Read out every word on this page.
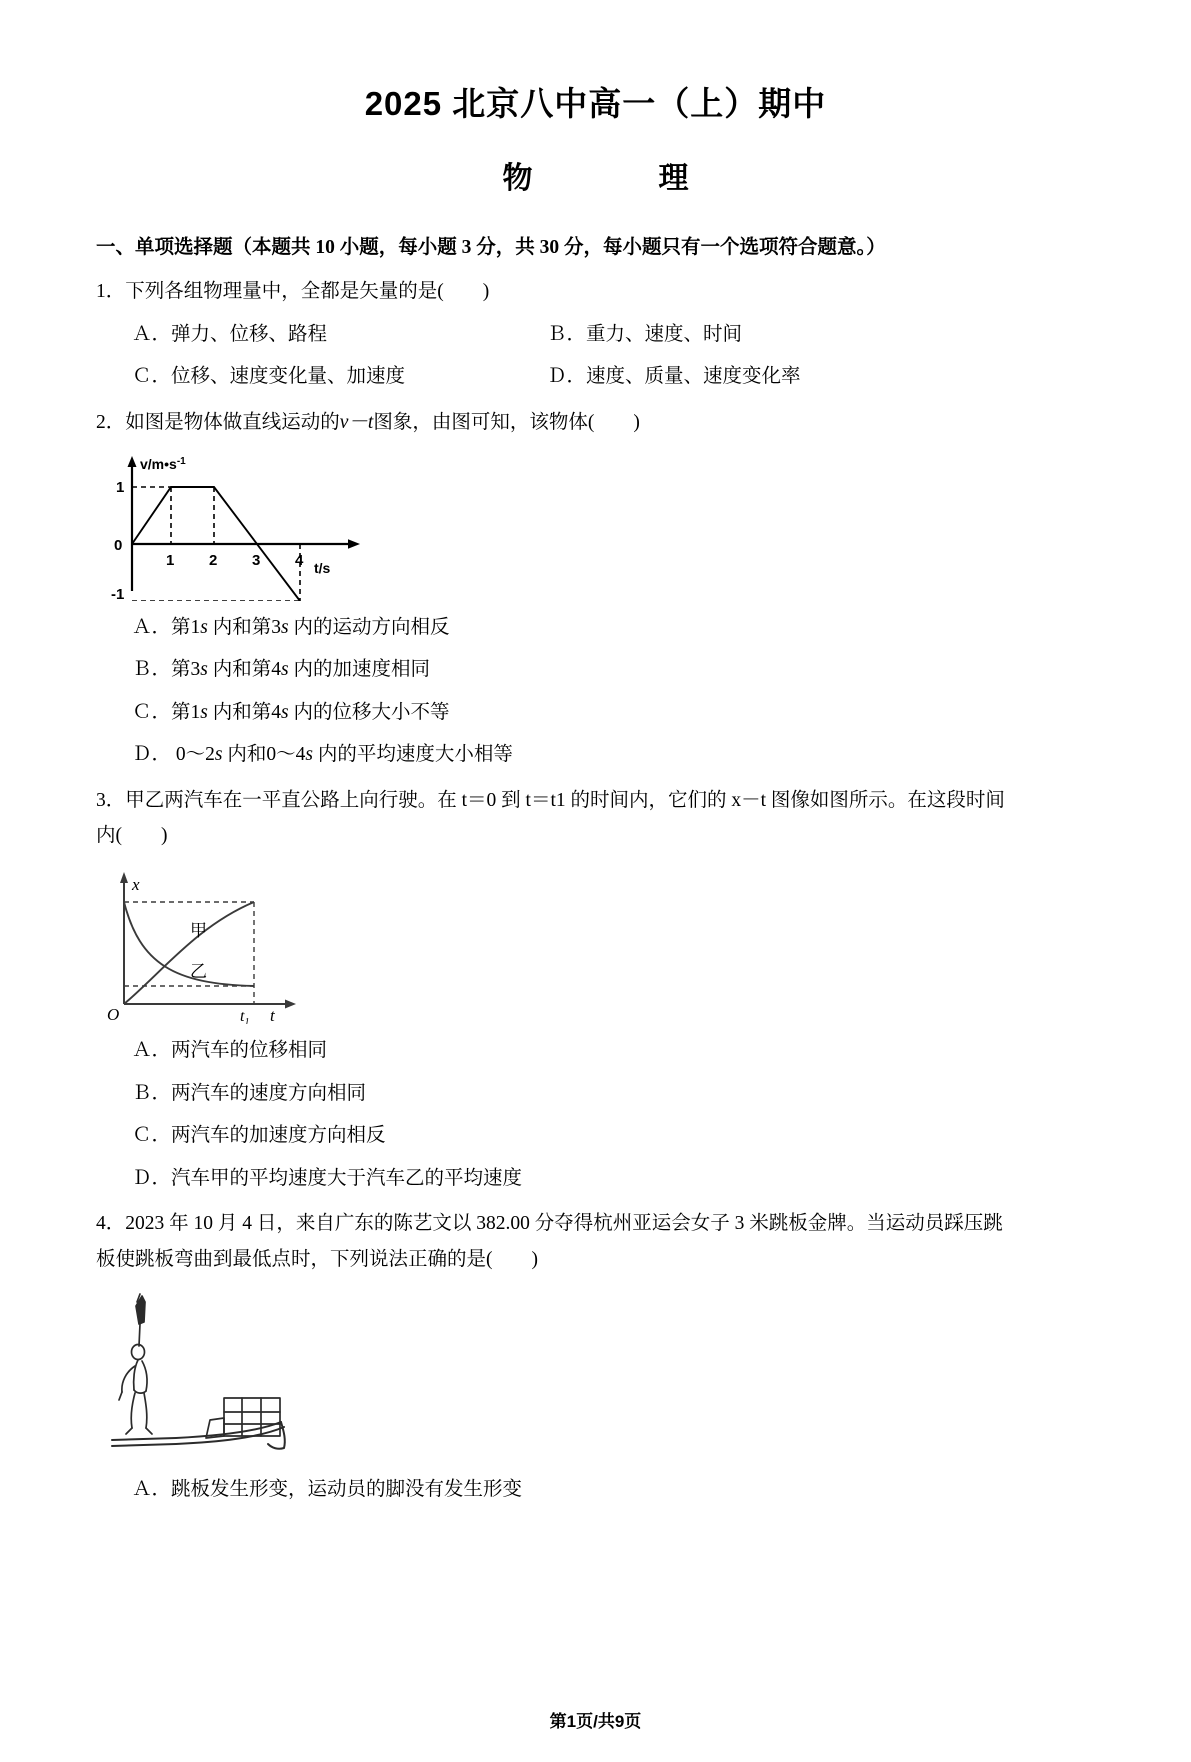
2025 北京八中高一（上）期中
物　　理
一、单项选择题（本题共 10 小题，每小题 3 分，共 30 分，每小题只有一个选项符合题意。）
1．下列各组物理量中，全都是矢量的是(　　)
Ａ．弹力、位移、路程	Ｂ．重力、速度、时间
Ｃ．位移、速度变化量、加速度	Ｄ．速度、质量、速度变化率
2．如图是物体做直线运动的v－t图象，由图可知，该物体(　　)
$v/m•s^{-1}$
t/s
1
0
-1
1 2 3 4
Ａ．第1s 内和第3s 内的运动方向相反
Ｂ．第3s 内和第4s 内的加速度相同
Ｃ．第1s 内和第4s 内的位移大小不等
Ｄ． 0～2s 内和0～4s 内的平均速度大小相等
3．甲乙两汽车在一平直公路上向行驶。在 t＝0 到 t＝t1 的时间内，它们的 x－t 图像如图所示。在这段时间
内(　　)
x
O	$t_1$ t
甲
乙
Ａ．两汽车的位移相同
Ｂ．两汽车的速度方向相同
Ｃ．两汽车的加速度方向相反
Ｄ．汽车甲的平均速度大于汽车乙的平均速度
4．2023 年 10 月 4 日，来自广东的陈艺文以 382.00 分夺得杭州亚运会女子 3 米跳板金牌。当运动员踩压跳
板使跳板弯曲到最低点时，下列说法正确的是(　　)
Ａ．跳板发生形变，运动员的脚没有发生形变
第1页/共9页
